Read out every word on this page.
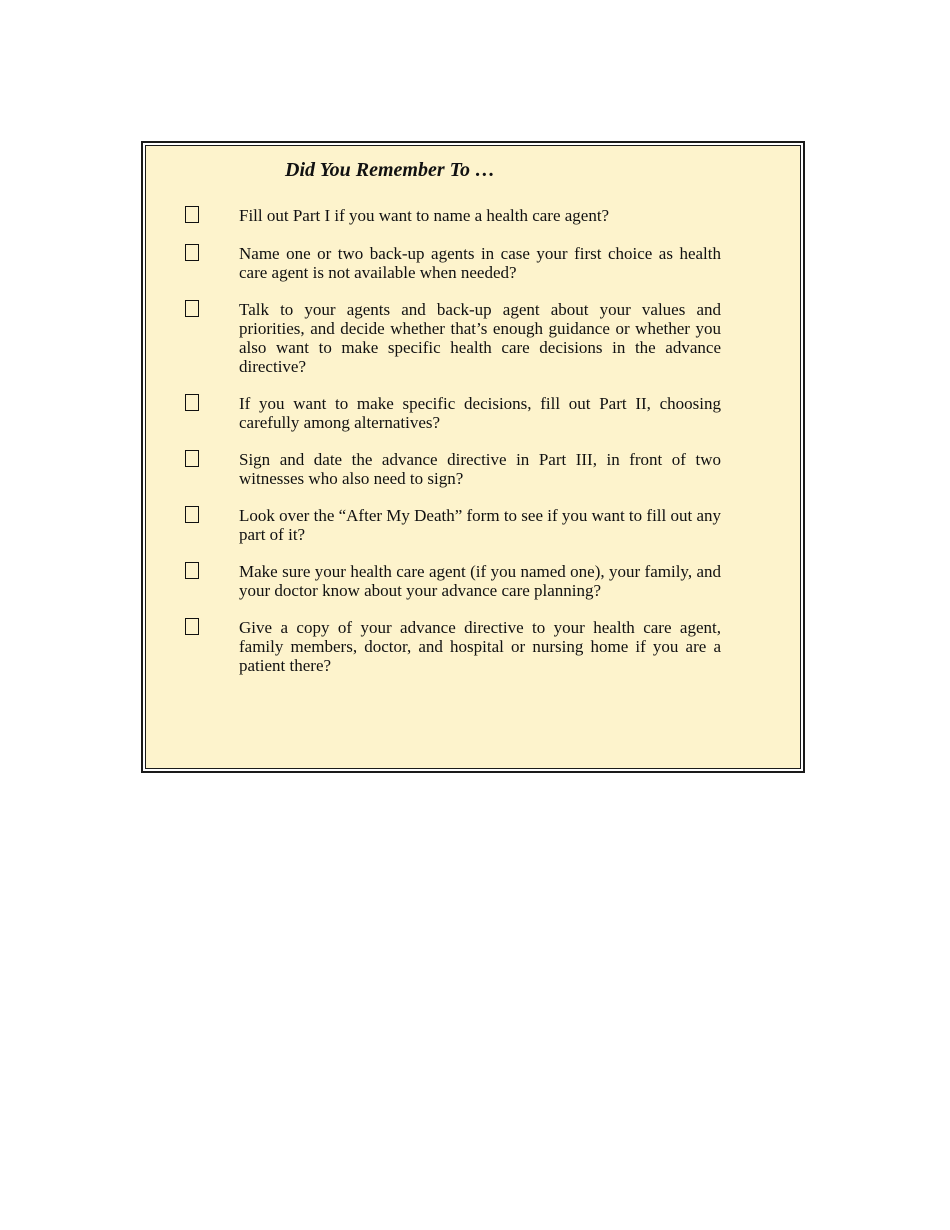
Did You Remember To …
Fill out Part I if you want to name a health care agent?
Name one or two back-up agents in case your first choice as health care agent is not available when needed?
Talk to your agents and back-up agent about your values and priorities, and decide whether that’s enough guidance or whether you also want to make specific health care decisions in the advance directive?
If you want to make specific decisions, fill out Part II, choosing carefully among alternatives?
Sign and date the advance directive in Part III, in front of two witnesses who also need to sign?
Look over the “After My Death” form to see if you want to fill out any part of it?
Make sure your health care agent (if you named one), your family, and your doctor know about your advance care planning?
Give a copy of your advance directive to your health care agent, family members, doctor, and hospital or nursing home if you are a patient there?
